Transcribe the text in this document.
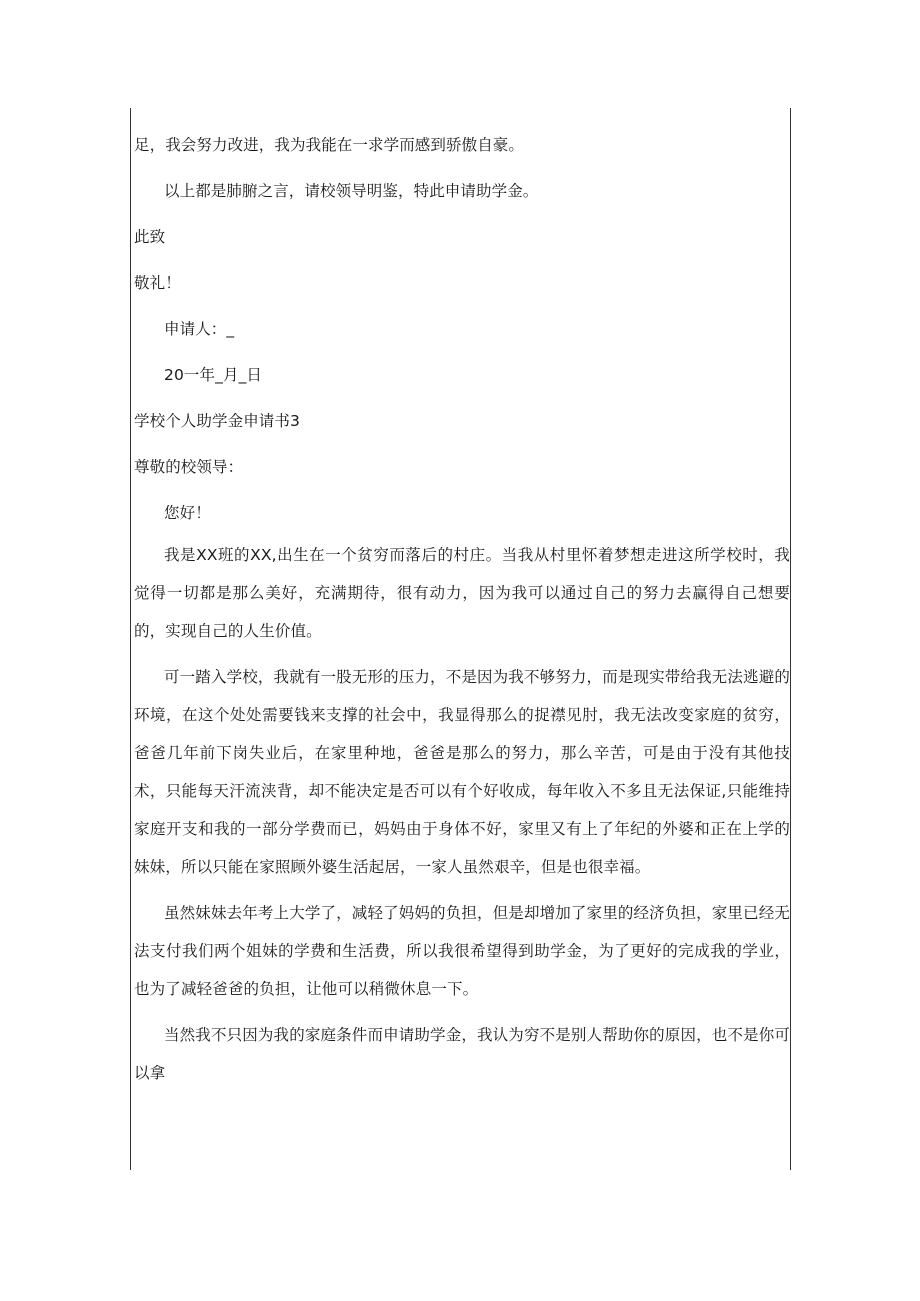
足，我会努力改进，我为我能在一求学而感到骄傲自豪。

以上都是肺腑之言，请校领导明鉴，特此申请助学金。

此致

敬礼！

申请人：_

20一年_月_日

学校个人助学金申请书3

尊敬的校领导：

您好！

我是XX班的XX,出生在一个贫穷而落后的村庄。当我从村里怀着梦想走进这所学校时，我觉得一切都是那么美好，充满期待，很有动力，因为我可以通过自己的努力去赢得自己想要的，实现自己的人生价值。

可一踏入学校，我就有一股无形的压力，不是因为我不够努力，而是现实带给我无法逃避的环境，在这个处处需要钱来支撑的社会中，我显得那么的捉襟见肘，我无法改变家庭的贫穷，爸爸几年前下岗失业后，在家里种地，爸爸是那么的努力，那么辛苦，可是由于没有其他技术，只能每天汗流浃背，却不能决定是否可以有个好收成，每年收入不多且无法保证,只能维持家庭开支和我的一部分学费而已，妈妈由于身体不好，家里又有上了年纪的外婆和正在上学的妹妹，所以只能在家照顾外婆生活起居，一家人虽然艰辛，但是也很幸福。

虽然妹妹去年考上大学了，减轻了妈妈的负担，但是却增加了家里的经济负担，家里已经无法支付我们两个姐妹的学费和生活费，所以我很希望得到助学金，为了更好的完成我的学业，也为了减轻爸爸的负担，让他可以稍微休息一下。

当然我不只因为我的家庭条件而申请助学金，我认为穷不是别人帮助你的原因，也不是你可以拿
